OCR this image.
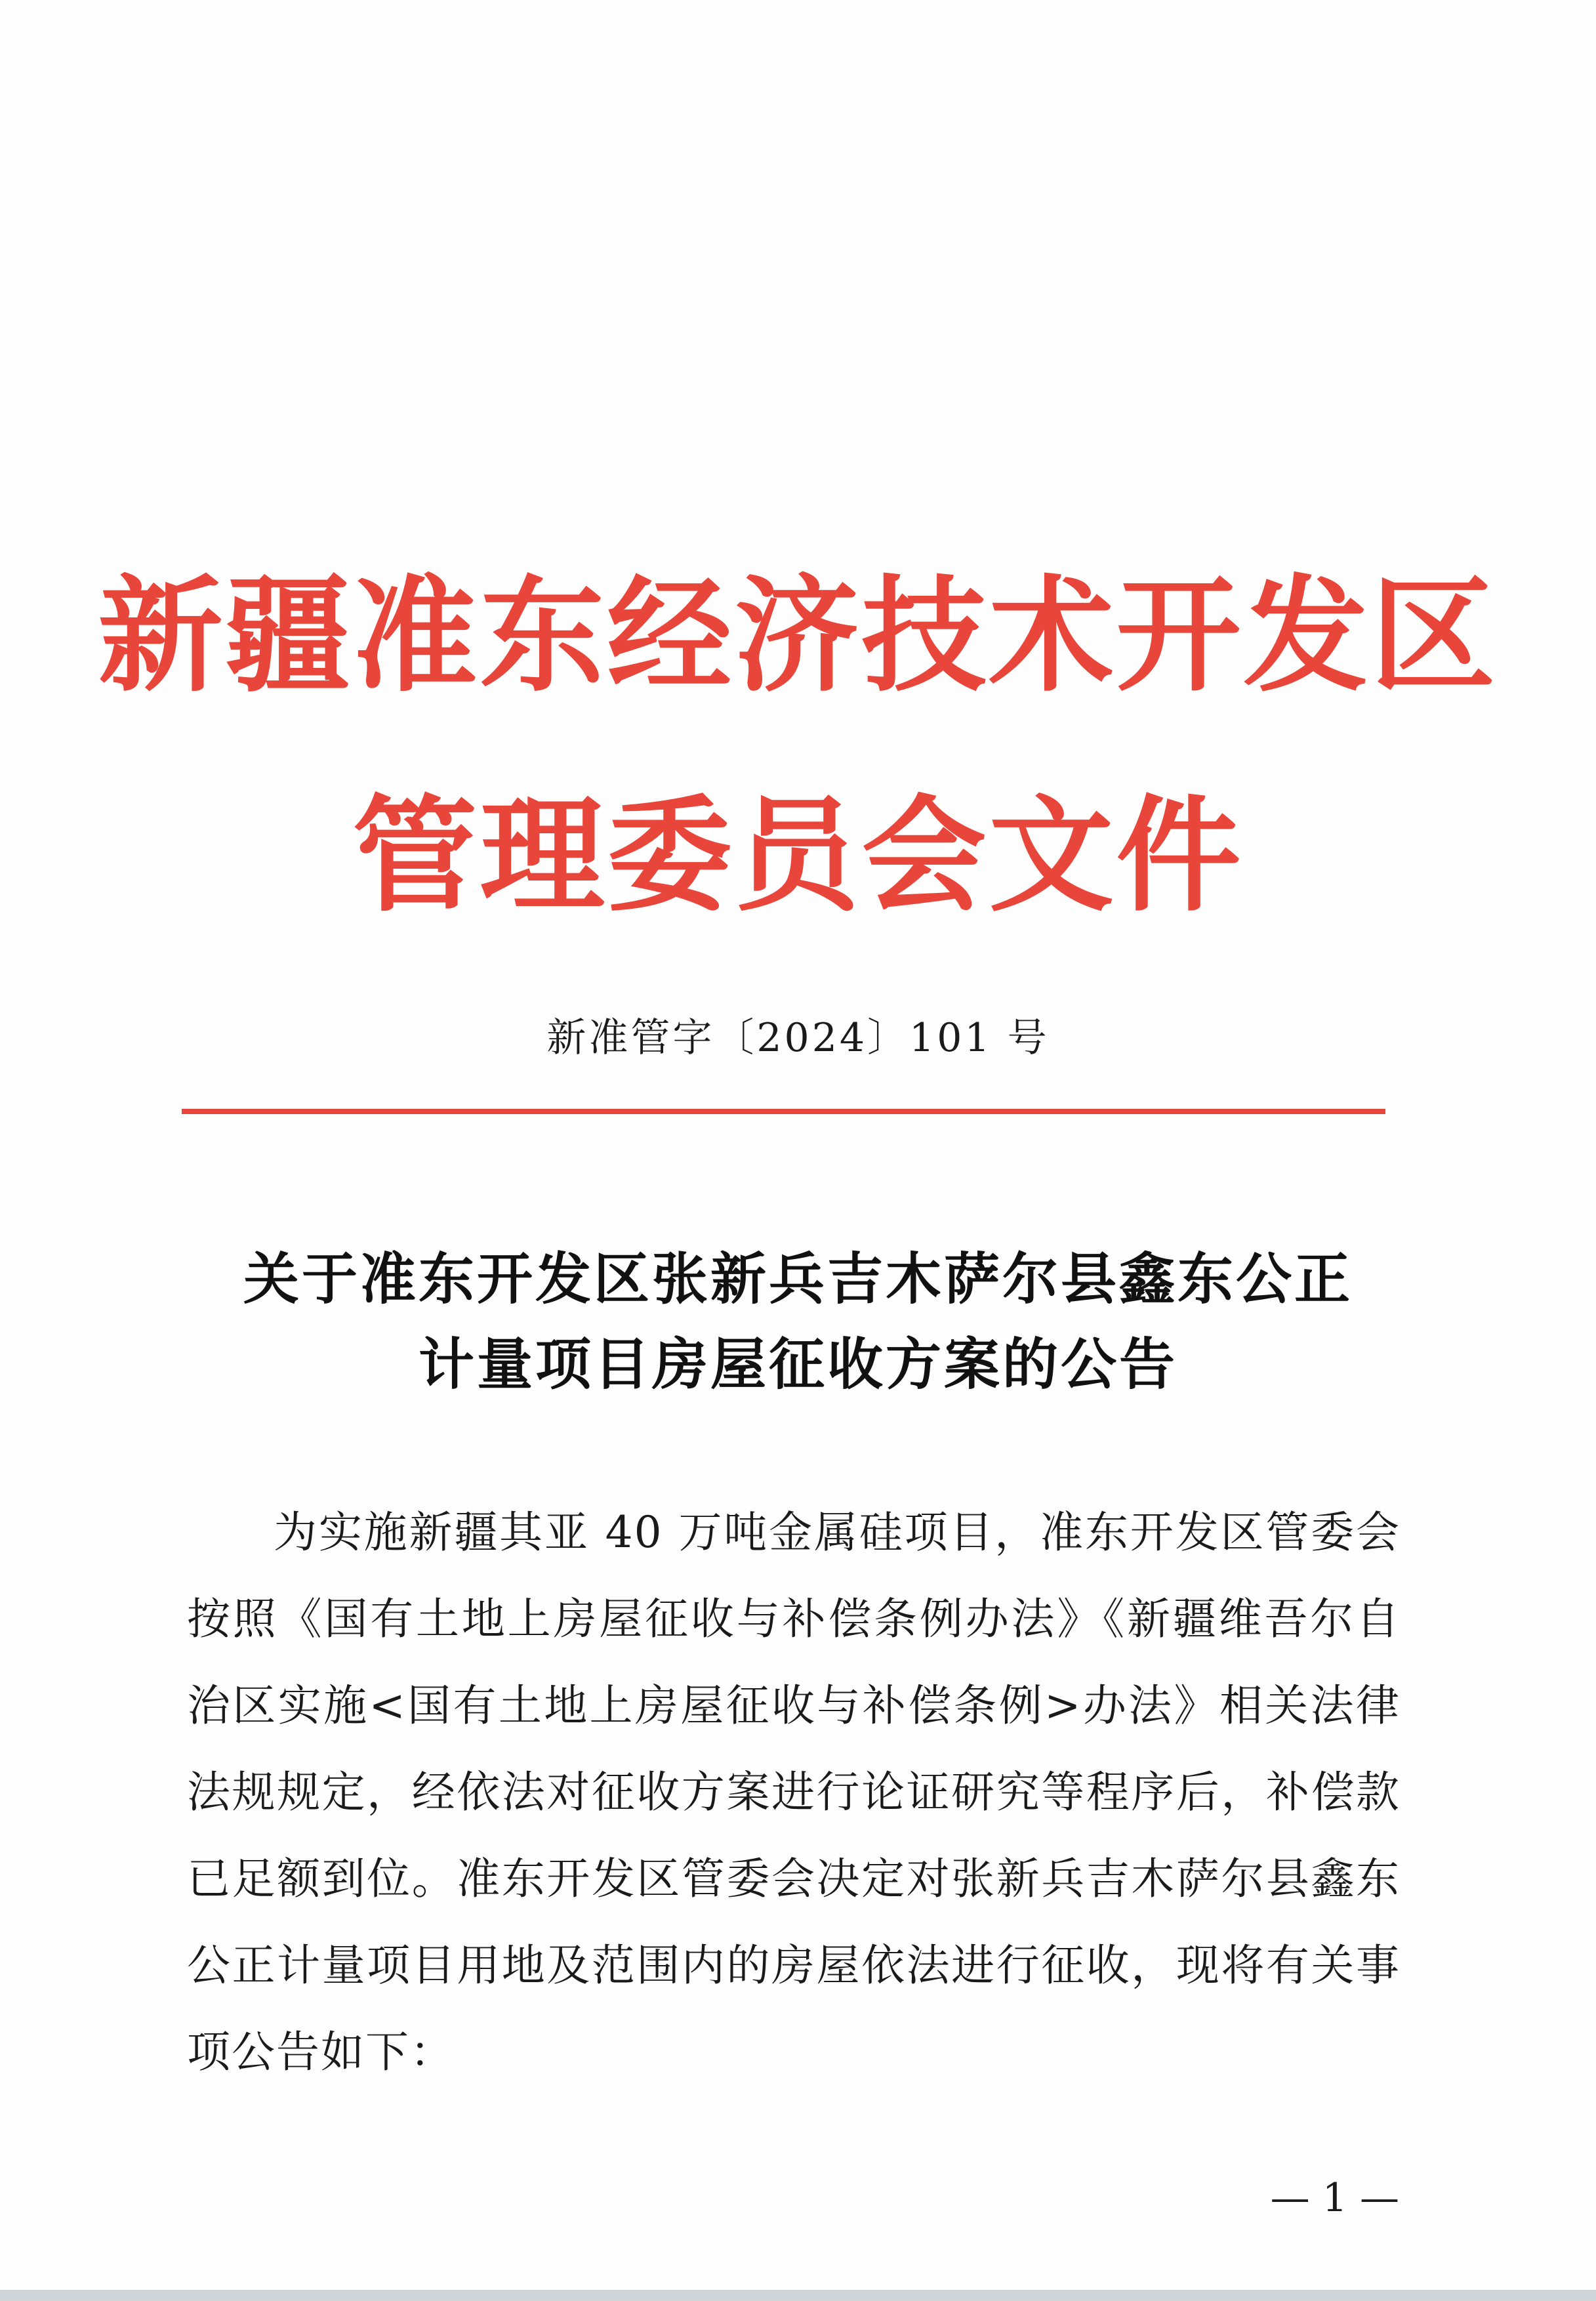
新疆准东经济技术开发区
管理委员会文件
新准管字〔2024〕101 号
关于准东开发区张新兵吉木萨尔县鑫东公正
计量项目房屋征收方案的公告

为实施新疆其亚 40 万吨金属硅项目，准东开发区管委会按照《国有土地上房屋征收与补偿条例办法》《新疆维吾尔自治区实施<国有土地上房屋征收与补偿条例>办法》相关法律法规规定，经依法对征收方案进行论证研究等程序后，补偿款已足额到位。准东开发区管委会决定对张新兵吉木萨尔县鑫东公正计量项目用地及范围内的房屋依法进行征收，现将有关事项公告如下：

— 1 —
